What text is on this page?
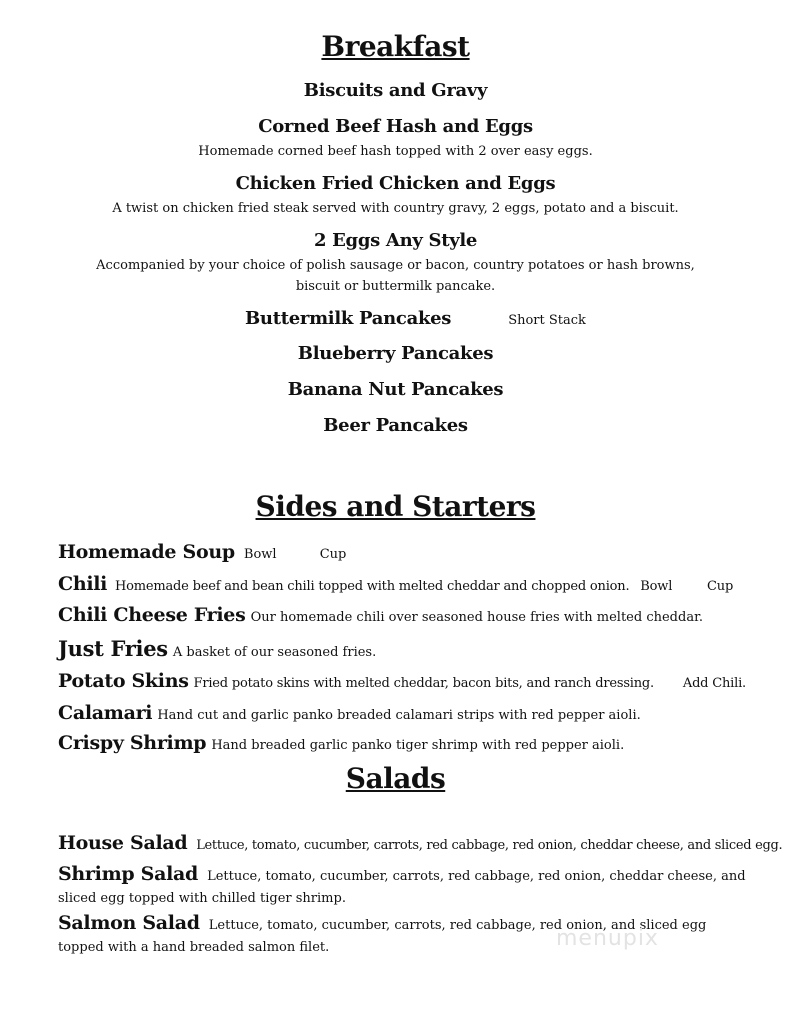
Breakfast
Biscuits and Gravy
Corned Beef Hash and Eggs
Homemade corned beef hash topped with 2 over easy eggs.
Chicken Fried Chicken and Eggs
A twist on chicken fried steak served with country gravy, 2 eggs, potato and a biscuit.
2 Eggs Any Style
Accompanied by your choice of polish sausage or bacon, country potatoes or hash browns,
biscuit or buttermilk pancake.
Buttermilk Pancakes	Short Stack
Blueberry Pancakes
Banana Nut Pancakes
Beer Pancakes
Sides and Starters
Homemade Soup Bowl	Cup
Chili Homemade beef and bean chili topped with melted cheddar and chopped onion. Bowl	Cup
Chili Cheese Fries Our homemade chili over seasoned house fries with melted cheddar.
Just Fries A basket of our seasoned fries.
Potato Skins Fried potato skins with melted cheddar, bacon bits, and ranch dressing. Add Chili.
Calamari Hand cut and garlic panko breaded calamari strips with red pepper aioli.
Crispy Shrimp Hand breaded garlic panko tiger shrimp with red pepper aioli.
Salads
House Salad Lettuce, tomato, cucumber, carrots, red cabbage, red onion, cheddar cheese, and sliced egg.
Shrimp Salad Lettuce, tomato, cucumber, carrots, red cabbage, red onion, cheddar cheese, and sliced egg topped with chilled tiger shrimp.
Salmon Salad Lettuce, tomato, cucumber, carrots, red cabbage, red onion, and sliced egg topped with a hand breaded salmon filet.	menupix
